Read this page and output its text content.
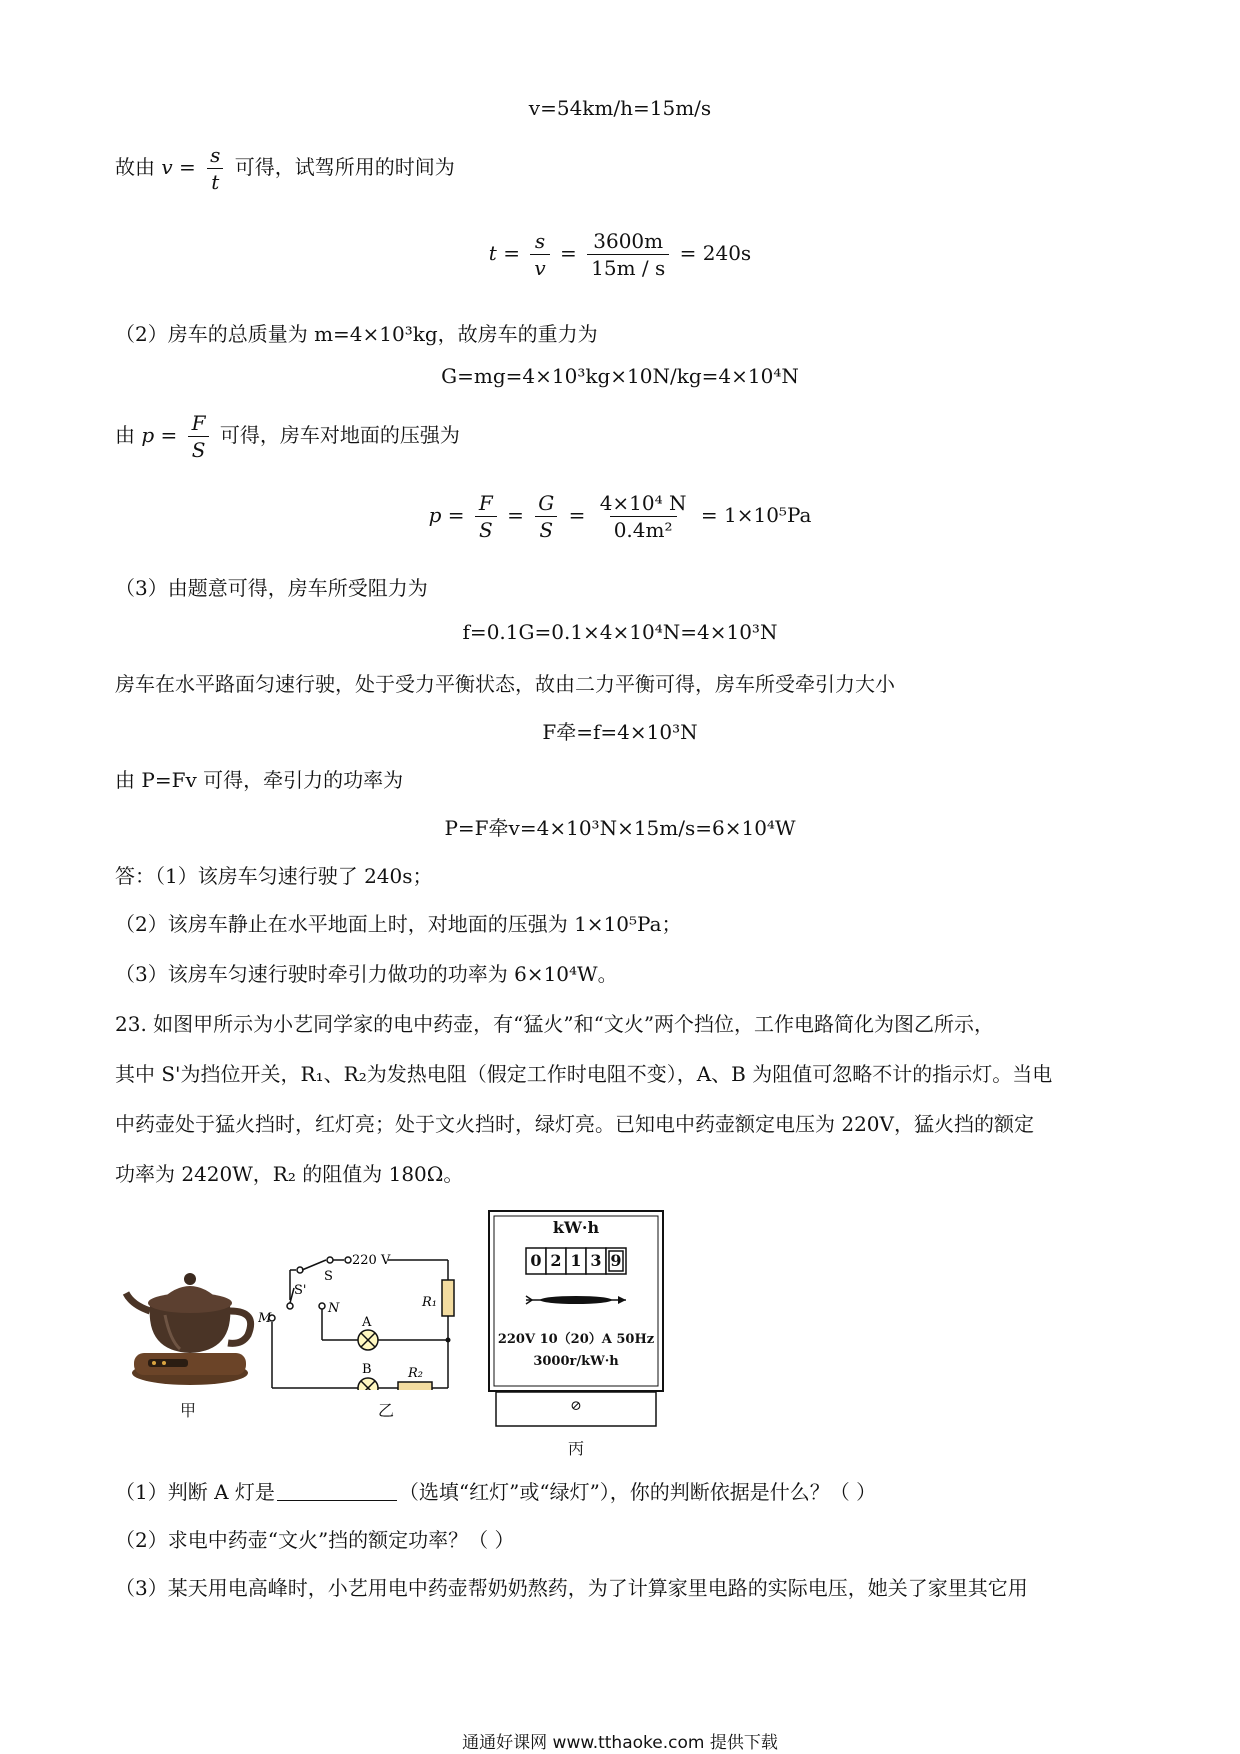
v=54km/h=15m/s
故由 $v = \frac{s}{t}$ 可得，试驾所用的时间为
$t = \frac{s}{v} = \frac{3600m}{15m / s} = 240s$
（2）房车的总质量为 m=4×10³kg，故房车的重力为
G=mg=4×10³kg×10N/kg=4×10⁴N
由 $p = \frac{F}{S}$ 可得，房车对地面的压强为
$p = \frac{F}{S} = \frac{G}{S} = \frac{\text{4×10⁴ N}}{\text{0.4m²}} = 1\times 10^5Pa$
（3）由题意可得，房车所受阻力为
f=0.1G=0.1×4×10⁴N=4×10³N
房车在水平路面匀速行驶，处于受力平衡状态，故由二力平衡可得，房车所受牵引力大小
F牵=f=4×10³N
由 P=Fv 可得，牵引力的功率为
P=F牵v=4×10³N×15m/s=6×10⁴W
答：（1）该房车匀速行驶了 240s；
（2）该房车静止在水平地面上时，对地面的压强为 1×10⁵Pa；
（3）该房车匀速行驶时牵引力做功的功率为 6×10⁴W。
23. 如图甲所示为小艺同学家的电中药壶，有“猛火”和“文火”两个挡位，工作电路简化为图乙所示，
其中 S'为挡位开关，R₁、R₂为发热电阻（假定工作时电阻不变），A、B 为阻值可忽略不计的指示灯。当电
中药壶处于猛火挡时，红灯亮；处于文火挡时，绿灯亮。已知电中药壶额定电压为 220V，猛火挡的额定
功率为 2420W，R₂ 的阻值为 180Ω。
甲
S'
S
220 V
M
N
A
B
R₁
R₂
乙
kW·h
0 2 1 3 9
220V 10（20）A 50Hz
3000r/kW·h
⊘
丙
（1）判断 A 灯是	（选填“红灯”或“绿灯”），你的判断依据是什么？（ ）
（2）求电中药壶“文火”挡的额定功率？（ ）
（3）某天用电高峰时，小艺用电中药壶帮奶奶熬药，为了计算家里电路的实际电压，她关了家里其它用
通通好课网 www.tthaoke.com 提供下载
